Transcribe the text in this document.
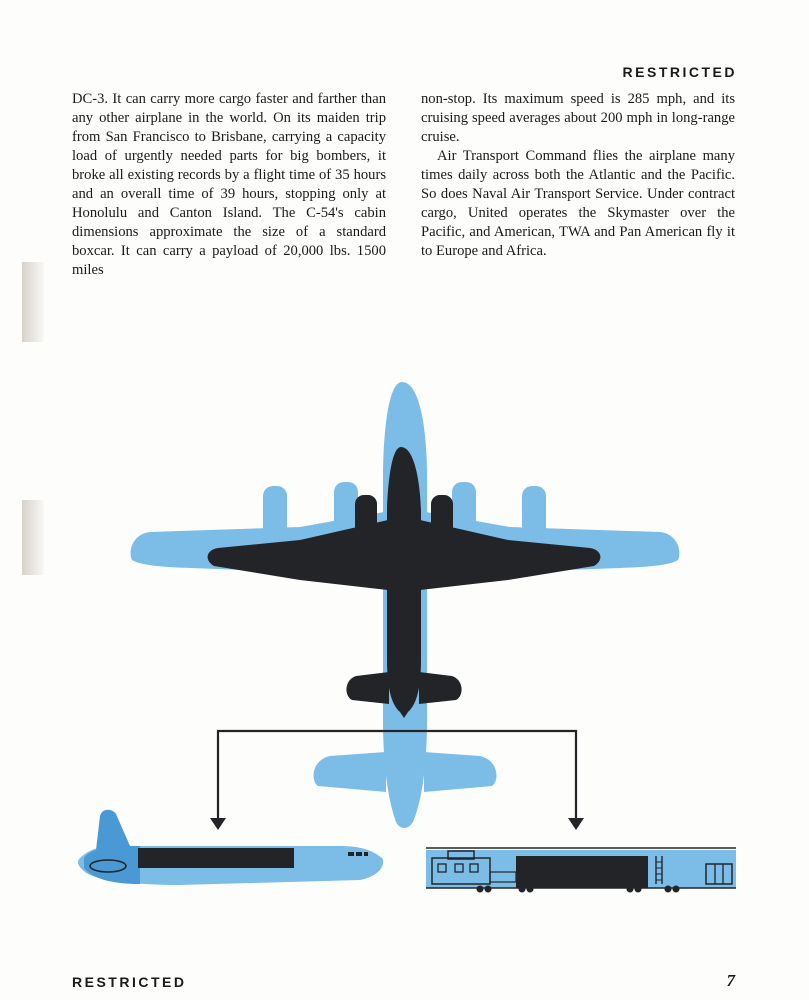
RESTRICTED

DC-3. It can carry more cargo faster and farther than any other airplane in the world. On its maiden trip from San Francisco to Brisbane, carrying a capacity load of urgently needed parts for big bombers, it broke all existing records by a flight time of 35 hours and an overall time of 39 hours, stopping only at Honolulu and Canton Island. The C-54's cabin dimensions approximate the size of a standard boxcar. It can carry a payload of 20,000 lbs. 1500 miles

non-stop. Its maximum speed is 285 mph, and its cruising speed averages about 200 mph in long-range cruise.

Air Transport Command flies the airplane many times daily across both the Atlantic and the Pacific. So does Naval Air Transport Service. Under contract cargo, United operates the Skymaster over the Pacific, and American, TWA and Pan American fly it to Europe and Africa.

RESTRICTED	7
